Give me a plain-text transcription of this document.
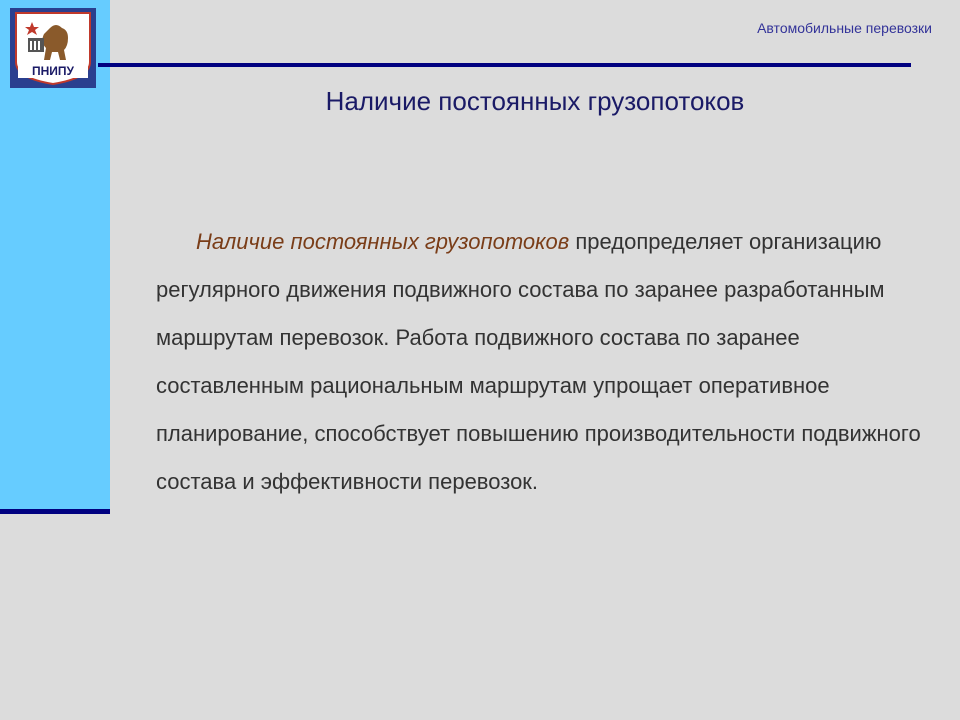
ПНИПУ
Автомобильные перевозки
Наличие постоянных грузопотоков

Наличие постоянных грузопотоков предопределяет организацию регулярного движения подвижного состава по заранее разработанным маршрутам перевозок. Работа подвижного состава по заранее составленным рациональным маршрутам упрощает оперативное планирование, способствует повышению производительности подвижного состава и эффективности перевозок.
